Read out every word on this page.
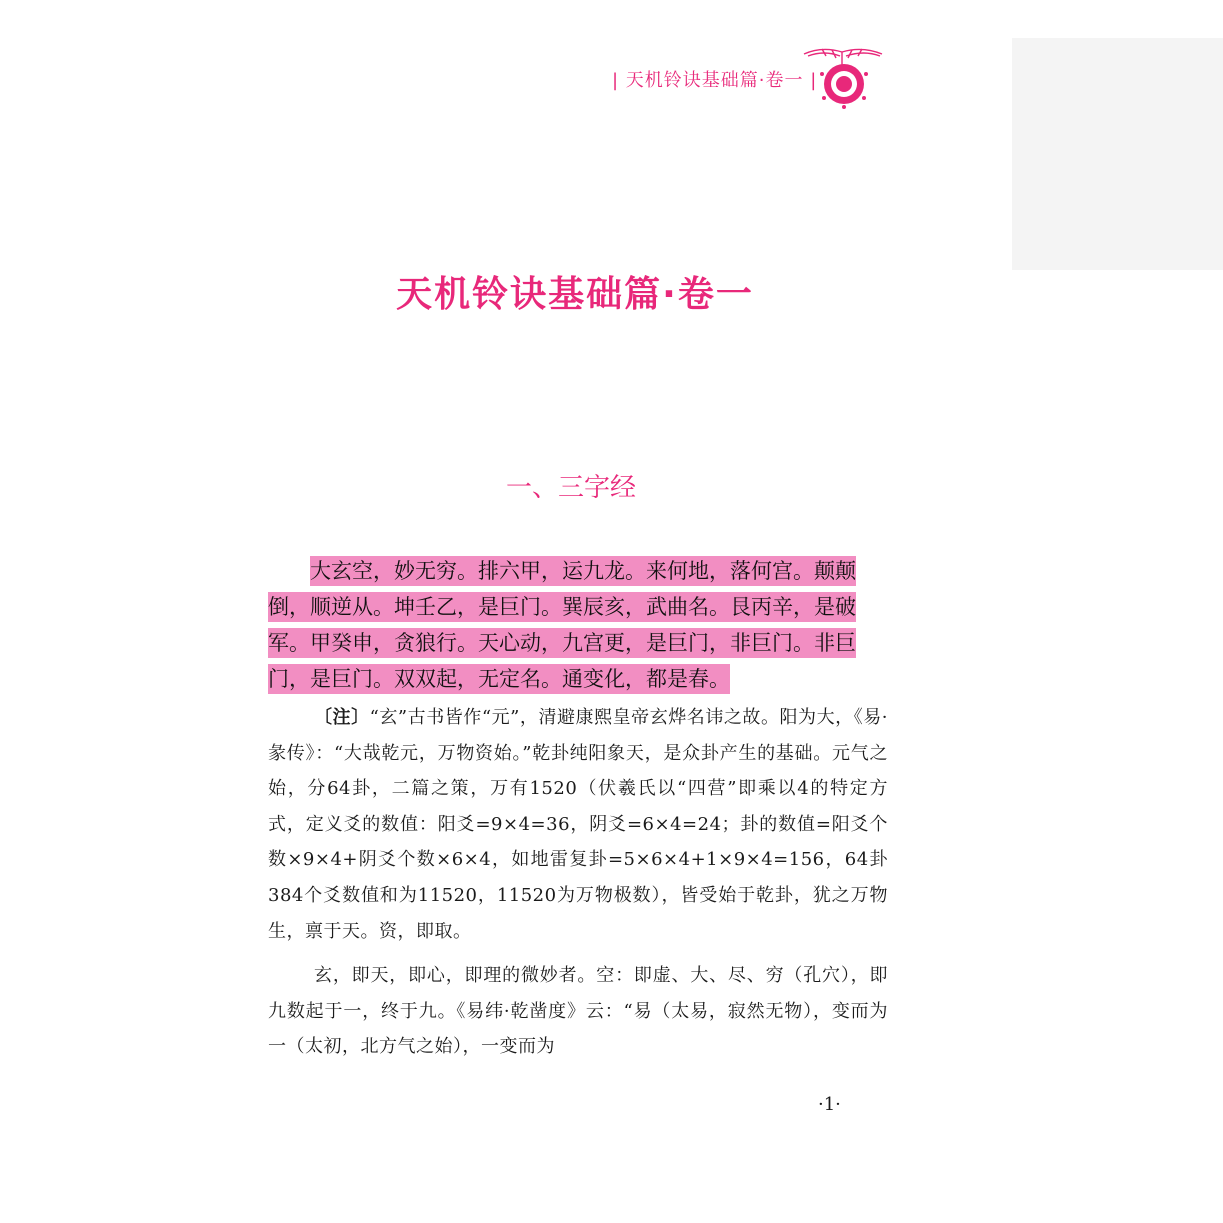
| 天机铃诀基础篇·卷一 |
天机铃诀基础篇·卷一
一、三字经
大玄空，妙无穷。排六甲，运九龙。来何地，落何宫。颠颠
倒，顺逆从。坤壬乙，是巨门。巽辰亥，武曲名。艮丙辛，是破
军。甲癸申，贪狼行。天心动，九宫更，是巨门，非巨门。非巨
门，是巨门。双双起，无定名。通变化，都是春。

〔注〕“玄”古书皆作“元”，清避康熙皇帝玄烨名讳之故。阳为大，《易·彖传》：“大哉乾元，万物资始。”乾卦纯阳象天，是众卦产生的基础。元气之始，分64卦，二篇之策，万有1520（伏羲氏以“四营”即乘以4的特定方式，定义爻的数值：阳爻=9×4=36，阴爻=6×4=24；卦的数值=阳爻个数×9×4+阴爻个数×6×4，如地雷复卦=5×6×4+1×9×4=156，64卦384个爻数值和为11520，11520为万物极数），皆受始于乾卦，犹之万物生，禀于天。资，即取。

玄，即天，即心，即理的微妙者。空：即虚、大、尽、穷（孔穴），即九数起于一，终于九。《易纬·乾凿度》云：“易（太易，寂然无物），变而为一（太初，北方气之始），一变而为

·1·
